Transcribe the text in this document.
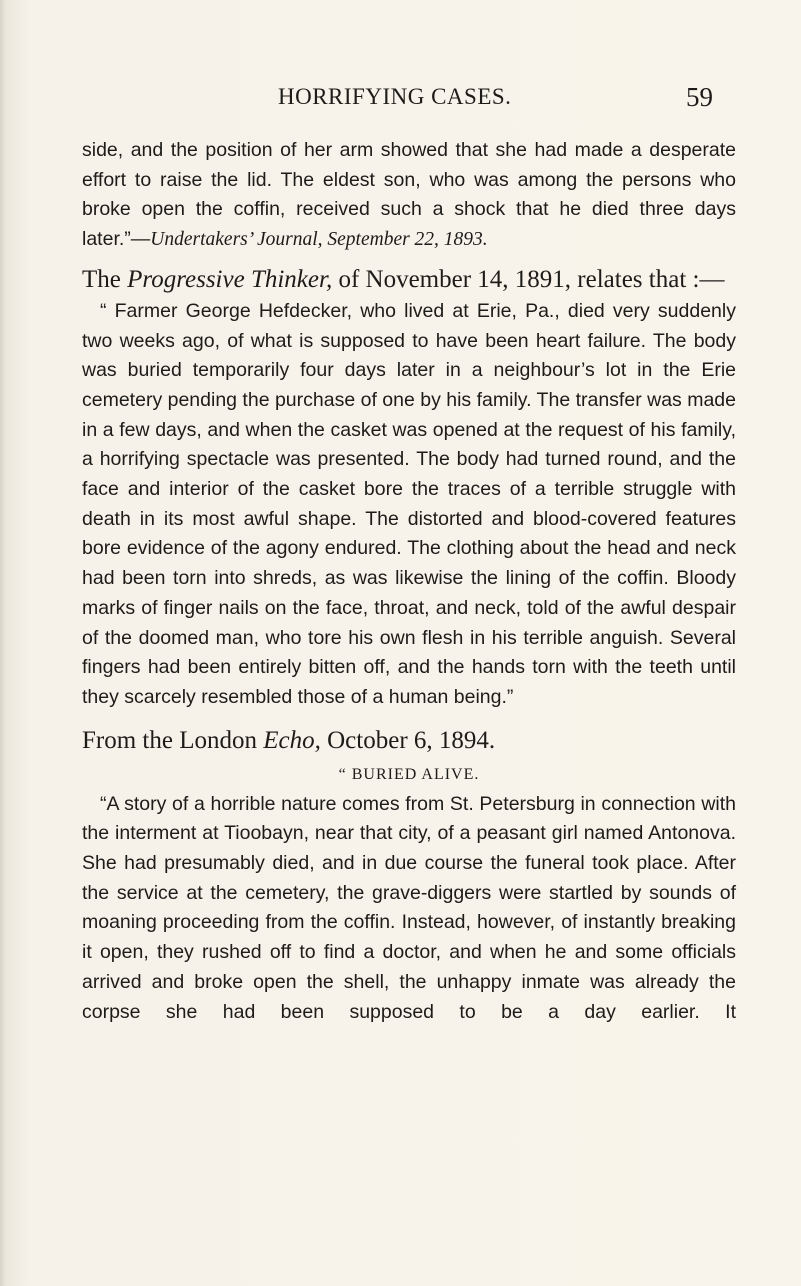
HORRIFYING CASES.	59

side, and the position of her arm showed that she had made a desperate effort to raise the lid. The eldest son, who was among the persons who broke open the coffin, received such a shock that he died three days later.”—Undertakers’ Journal, September 22, 1893.

The Progressive Thinker, of November 14, 1891, relates that :—

“ Farmer George Hefdecker, who lived at Erie, Pa., died very suddenly two weeks ago, of what is supposed to have been heart failure. The body was buried temporarily four days later in a neighbour’s lot in the Erie cemetery pending the purchase of one by his family. The transfer was made in a few days, and when the casket was opened at the request of his family, a horrifying spectacle was presented. The body had turned round, and the face and interior of the casket bore the traces of a terrible struggle with death in its most awful shape. The distorted and blood-covered features bore evidence of the agony endured. The clothing about the head and neck had been torn into shreds, as was likewise the lining of the coffin. Bloody marks of finger nails on the face, throat, and neck, told of the awful despair of the doomed man, who tore his own flesh in his terrible anguish. Several fingers had been entirely bitten off, and the hands torn with the teeth until they scarcely resembled those of a human being.”

From the London Echo, October 6, 1894.

“ BURIED ALIVE.

“A story of a horrible nature comes from St. Petersburg in connection with the interment at Tioobayn, near that city, of a peasant girl named Antonova. She had presumably died, and in due course the funeral took place. After the service at the cemetery, the grave-diggers were startled by sounds of moaning proceeding from the coffin. Instead, however, of instantly breaking it open, they rushed off to find a doctor, and when he and some officials arrived and broke open the shell, the unhappy inmate was already the corpse she had been supposed to be a day earlier. It
